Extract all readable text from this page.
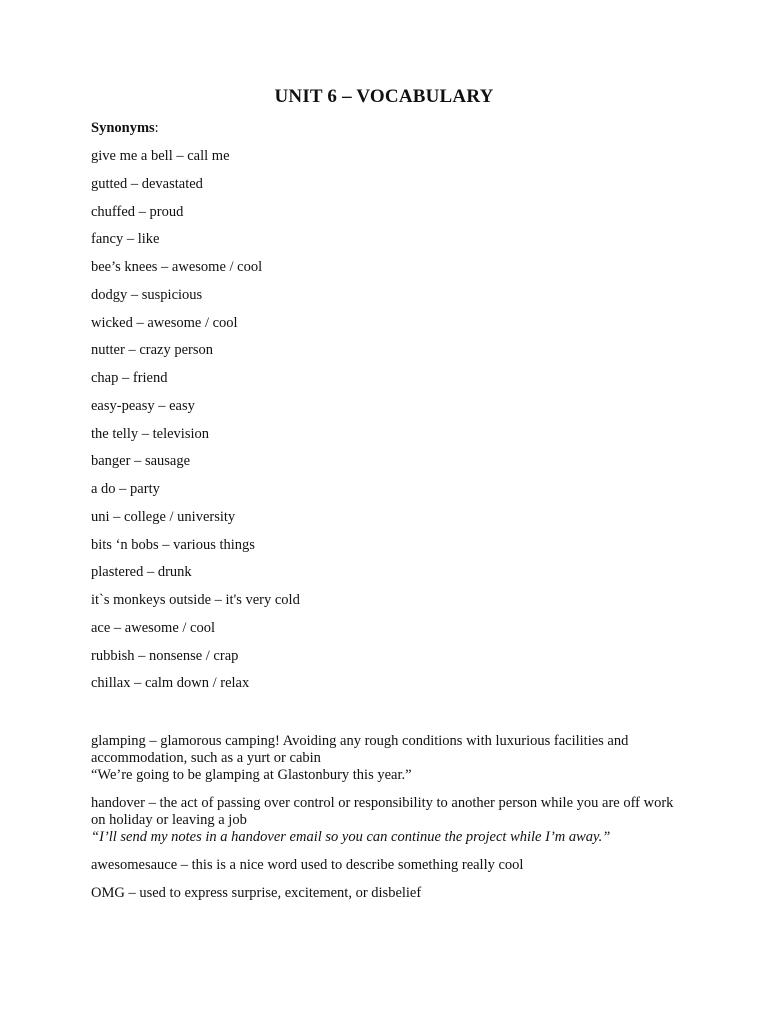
UNIT 6 – VOCABULARY
Synonyms:
give me a bell – call me
gutted – devastated
chuffed – proud
fancy – like
bee’s knees – awesome / cool
dodgy – suspicious
wicked – awesome / cool
nutter – crazy person
chap – friend
easy-peasy – easy
the telly – television
banger – sausage
a do – party
uni – college / university
bits ‘n bobs – various things
plastered – drunk
it`s monkeys outside – it's very cold
ace – awesome / cool
rubbish – nonsense / crap
chillax – calm down / relax

glamping – glamorous camping! Avoiding any rough conditions with luxurious facilities and accommodation, such as a yurt or cabin
“We’re going to be glamping at Glastonbury this year.”

handover – the act of passing over control or responsibility to another person while you are off work on holiday or leaving a job
“I’ll send my notes in a handover email so you can continue the project while I’m away.”

awesomesauce – this is a nice word used to describe something really cool

OMG – used to express surprise, excitement, or disbelief
